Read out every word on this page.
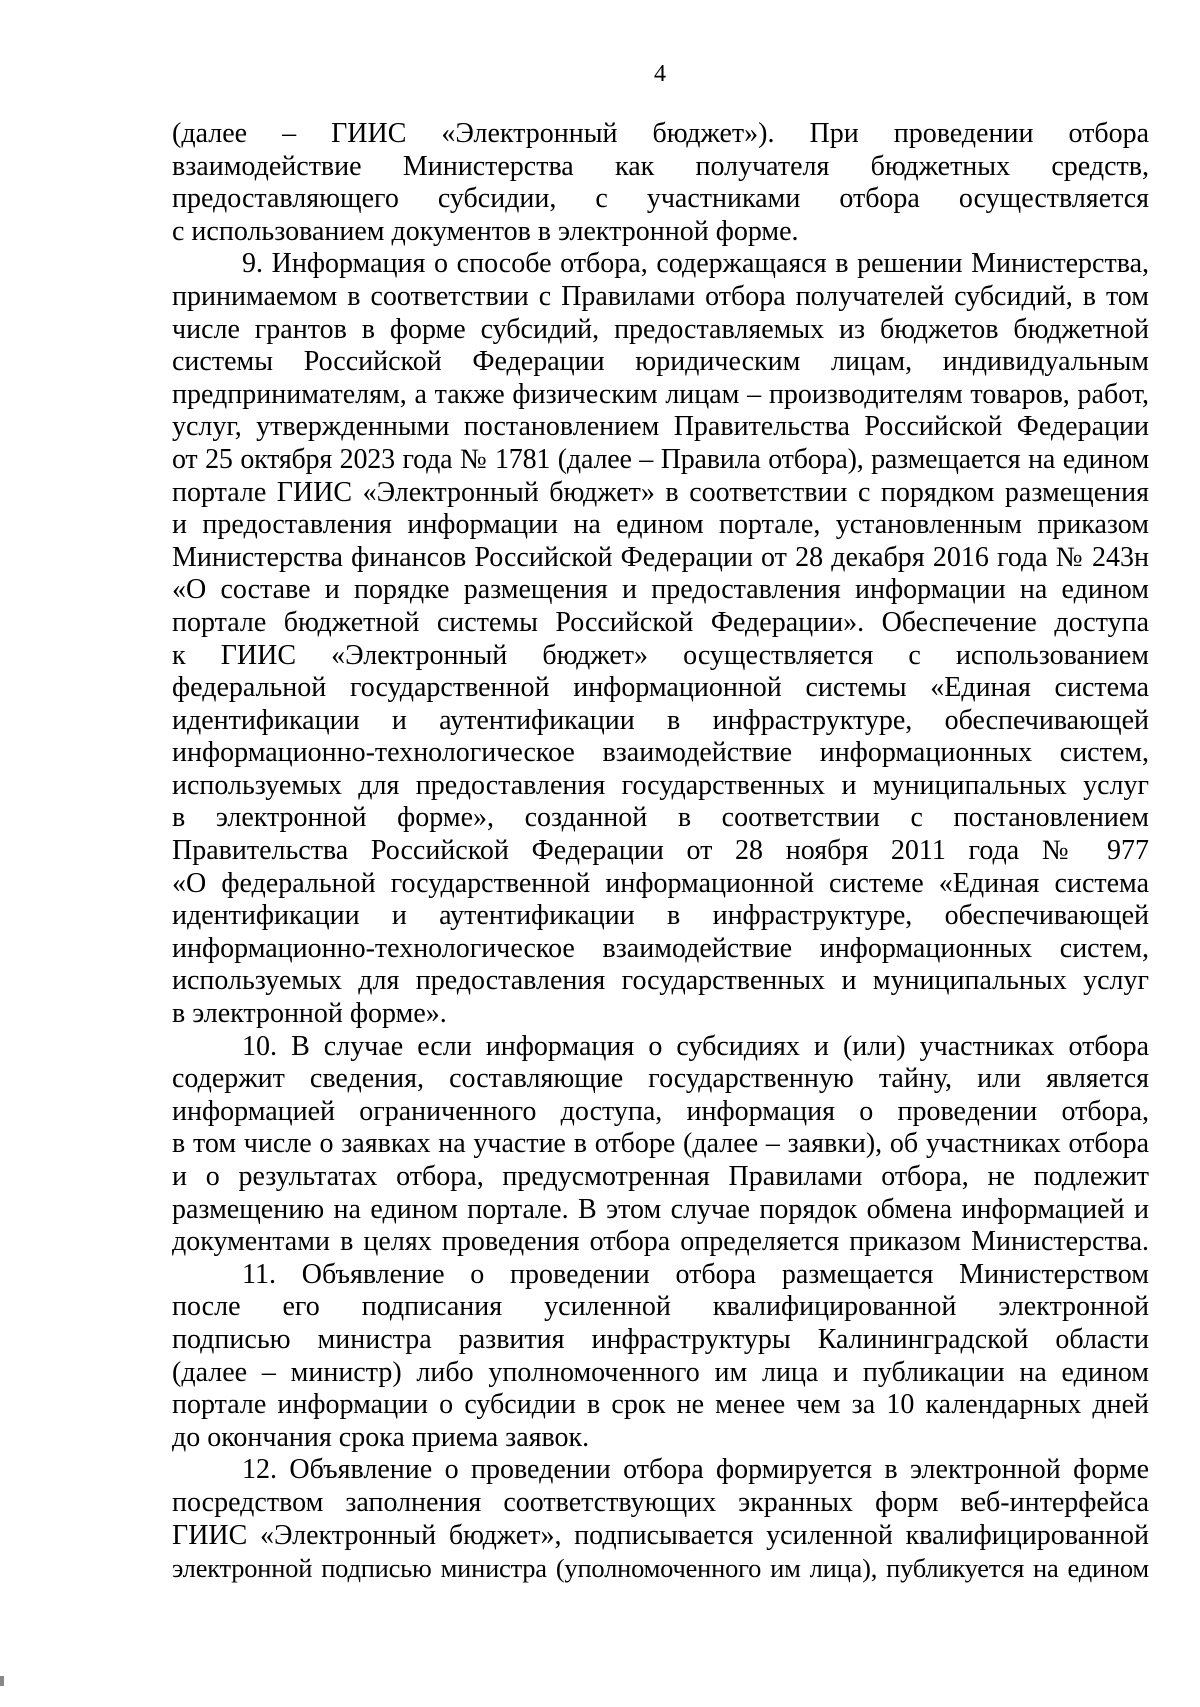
4
(далее – ГИИС «Электронный бюджет»). При проведении отбора
взаимодействие Министерства как получателя бюджетных средств,
предоставляющего субсидии, с участниками отбора осуществляется
с использованием документов в электронной форме.
9. Информация о способе отбора, содержащаяся в решении Министерства,
принимаемом в соответствии с Правилами отбора получателей субсидий, в том
числе грантов в форме субсидий, предоставляемых из бюджетов бюджетной
системы Российской Федерации юридическим лицам, индивидуальным
предпринимателям, а также физическим лицам – производителям товаров, работ,
услуг, утвержденными постановлением Правительства Российской Федерации
от 25 октября 2023 года № 1781 (далее – Правила отбора), размещается на едином
портале ГИИС «Электронный бюджет» в соответствии с порядком размещения
и предоставления информации на едином портале, установленным приказом
Министерства финансов Российской Федерации от 28 декабря 2016 года № 243н
«О составе и порядке размещения и предоставления информации на едином
портале бюджетной системы Российской Федерации». Обеспечение доступа
к ГИИС «Электронный бюджет» осуществляется с использованием
федеральной государственной информационной системы «Единая система
идентификации и аутентификации в инфраструктуре, обеспечивающей
информационно-технологическое взаимодействие информационных систем,
используемых для предоставления государственных и муниципальных услуг
в электронной форме», созданной в соответствии с постановлением
Правительства Российской Федерации от 28 ноября 2011 года № 977
«О федеральной государственной информационной системе «Единая система
идентификации и аутентификации в инфраструктуре, обеспечивающей
информационно-технологическое взаимодействие информационных систем,
используемых для предоставления государственных и муниципальных услуг
в электронной форме».
10. В случае если информация о субсидиях и (или) участниках отбора
содержит сведения, составляющие государственную тайну, или является
информацией ограниченного доступа, информация о проведении отбора,
в том числе о заявках на участие в отборе (далее – заявки), об участниках отбора
и о результатах отбора, предусмотренная Правилами отбора, не подлежит
размещению на едином портале. В этом случае порядок обмена информацией и
документами в целях проведения отбора определяется приказом Министерства.
11. Объявление о проведении отбора размещается Министерством
после его подписания усиленной квалифицированной электронной
подписью министра развития инфраструктуры Калининградской области
(далее – министр) либо уполномоченного им лица и публикации на едином
портале информации о субсидии в срок не менее чем за 10 календарных дней
до окончания срока приема заявок.
12. Объявление о проведении отбора формируется в электронной форме
посредством заполнения соответствующих экранных форм веб-интерфейса
ГИИС «Электронный бюджет», подписывается усиленной квалифицированной
электронной подписью министра (уполномоченного им лица), публикуется на едином
